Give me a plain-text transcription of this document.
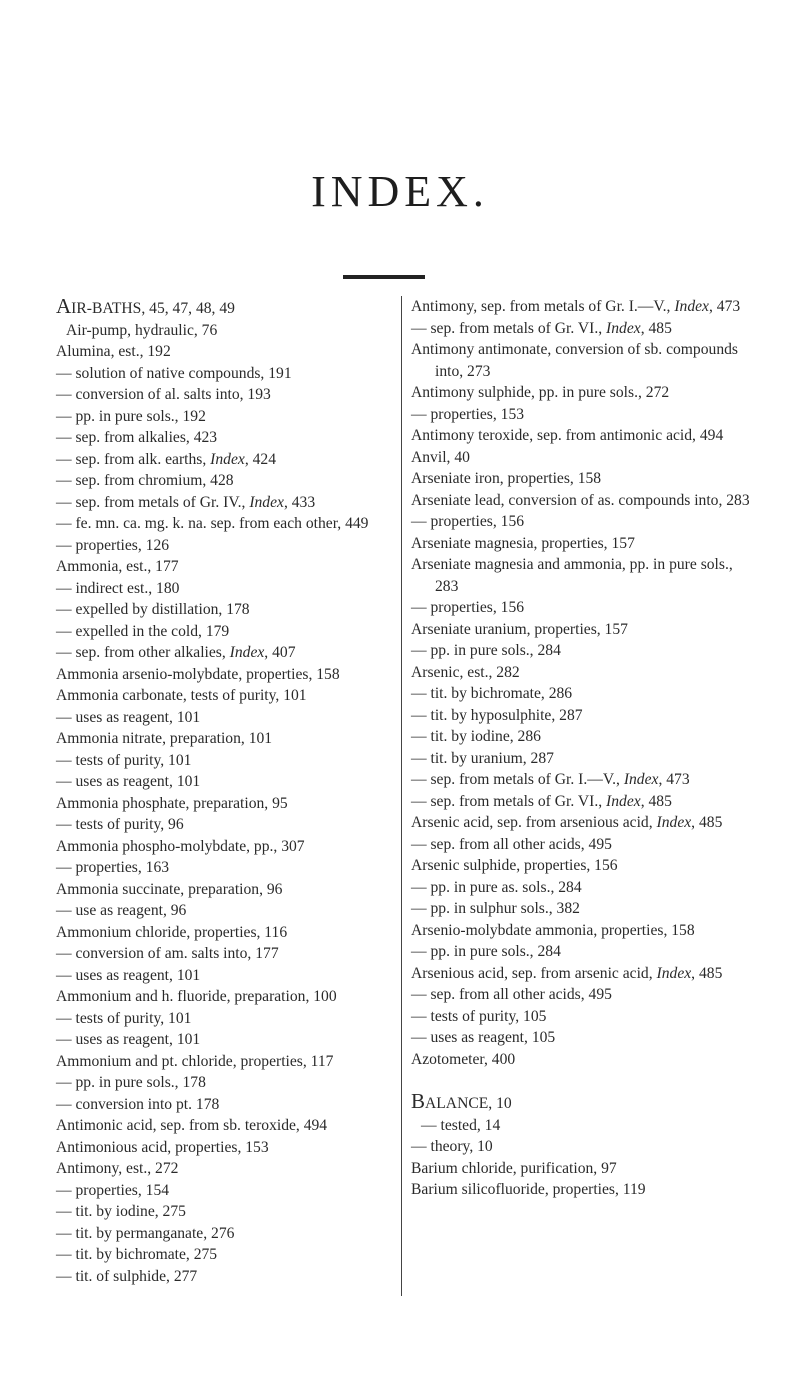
INDEX.
AIR-BATHS, 45, 47, 48, 49
Air-pump, hydraulic, 76
Alumina, est., 192
— solution of native compounds, 191
— conversion of al. salts into, 193
— pp. in pure sols., 192
— sep. from alkalies, 423
— sep. from alk. earths, Index, 424
— sep. from chromium, 428
— sep. from metals of Gr. IV., Index, 433
— fe. mn. ca. mg. k. na. sep. from each other, 449
— properties, 126
Ammonia, est., 177
— indirect est., 180
— expelled by distillation, 178
— expelled in the cold, 179
— sep. from other alkalies, Index, 407
Ammonia arsenio-molybdate, properties, 158
Ammonia carbonate, tests of purity, 101
— uses as reagent, 101
Ammonia nitrate, preparation, 101
— tests of purity, 101
— uses as reagent, 101
Ammonia phosphate, preparation, 95
— tests of purity, 96
Ammonia phospho-molybdate, pp., 307
— properties, 163
Ammonia succinate, preparation, 96
— use as reagent, 96
Ammonium chloride, properties, 116
— conversion of am. salts into, 177
— uses as reagent, 101
Ammonium and h. fluoride, preparation, 100
— tests of purity, 101
— uses as reagent, 101
Ammonium and pt. chloride, properties, 117
— pp. in pure sols., 178
— conversion into pt. 178
Antimonic acid, sep. from sb. teroxide, 494
Antimonious acid, properties, 153
Antimony, est., 272
— properties, 154
— tit. by iodine, 275
— tit. by permanganate, 276
— tit. by bichromate, 275
— tit. of sulphide, 277
Antimony, sep. from metals of Gr. I.—V., Index, 473
— sep. from metals of Gr. VI., Index, 485
Antimony antimonate, conversion of sb. compounds into, 273
Antimony sulphide, pp. in pure sols., 272
— properties, 153
Antimony teroxide, sep. from antimonic acid, 494
Anvil, 40
Arseniate iron, properties, 158
Arseniate lead, conversion of as. compounds into, 283
— properties, 156
Arseniate magnesia, properties, 157
Arseniate magnesia and ammonia, pp. in pure sols., 283
— properties, 156
Arseniate uranium, properties, 157
— pp. in pure sols., 284
Arsenic, est., 282
— tit. by bichromate, 286
— tit. by hyposulphite, 287
— tit. by iodine, 286
— tit. by uranium, 287
— sep. from metals of Gr. I.—V., Index, 473
— sep. from metals of Gr. VI., Index, 485
Arsenic acid, sep. from arsenious acid, Index, 485
— sep. from all other acids, 495
Arsenic sulphide, properties, 156
— pp. in pure as. sols., 284
— pp. in sulphur sols., 382
Arsenio-molybdate ammonia, properties, 158
— pp. in pure sols., 284
Arsenious acid, sep. from arsenic acid, Index, 485
— sep. from all other acids, 495
— tests of purity, 105
— uses as reagent, 105
Azotometer, 400
BALANCE, 10
— tested, 14
— theory, 10
Barium chloride, purification, 97
Barium silicofluoride, properties, 119
